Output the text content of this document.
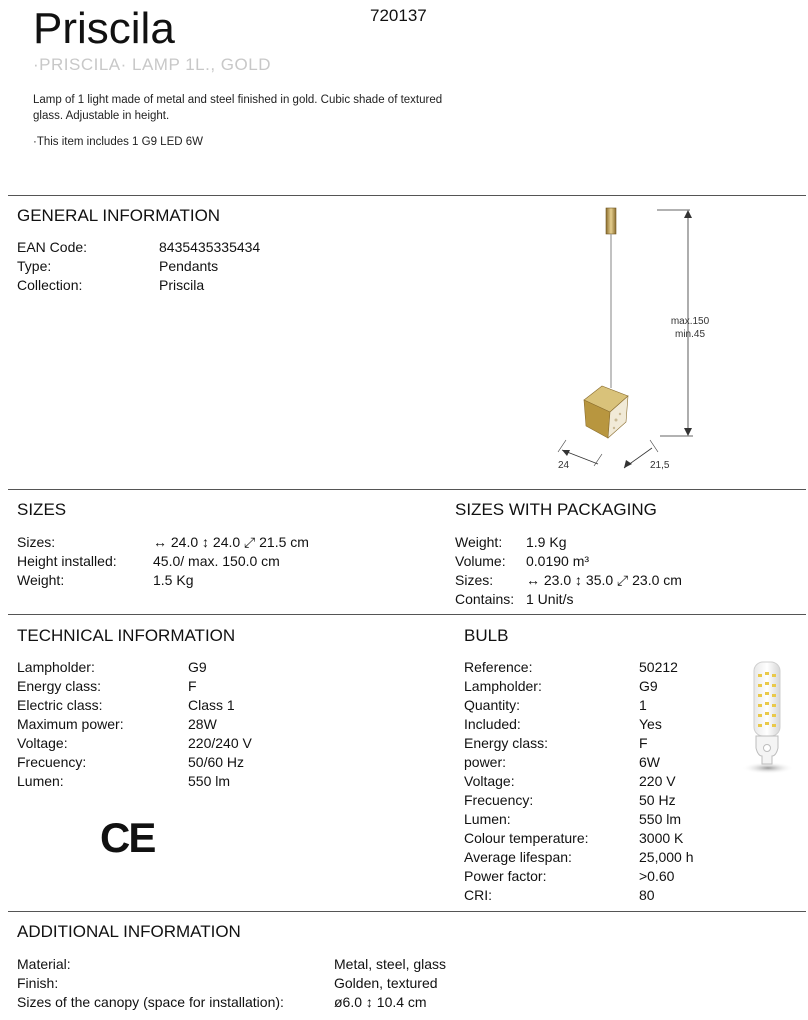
Priscila	720137
·PRISCILA· LAMP 1L., GOLD
Lamp of 1 light made of metal and steel finished in gold. Cubic shade of textured glass. Adjustable in height.
·This item includes 1 G9 LED 6W
GENERAL INFORMATION
EAN Code:	8435435335434
Type:	Pendants
Collection:	Priscila
max.150
min.45
24	21,5
SIZES
Sizes:	↔ 24.0 ↕ 24.0 ⤢ 21.5 cm
Height installed:	45.0/ max. 150.0 cm
Weight:	1.5 Kg
SIZES WITH PACKAGING
Weight: 1.9 Kg
Volume: 0.0190 m³
Sizes: ↔ 23.0 ↕ 35.0 ⤢ 23.0 cm
Contains: 1 Unit/s
TECHNICAL INFORMATION
Lampholder:	G9
Energy class:	F
Electric class:	Class 1
Maximum power:	28W
Voltage:	220/240 V
Frecuency:	50/60 Hz
Lumen:	550 lm
CE
BULB
Reference:	50212
Lampholder:	G9
Quantity:	1
Included:	Yes
Energy class:	F
power:	6W
Voltage:	220 V
Frecuency:	50 Hz
Lumen:	550 lm
Colour temperature:	3000 K
Average lifespan:	25,000 h
Power factor:	>0.60
CRI:	80
ADDITIONAL INFORMATION
Material:	Metal, steel, glass
Finish:	Golden, textured
Sizes of the canopy (space for installation):	ø6.0 ↕ 10.4 cm
